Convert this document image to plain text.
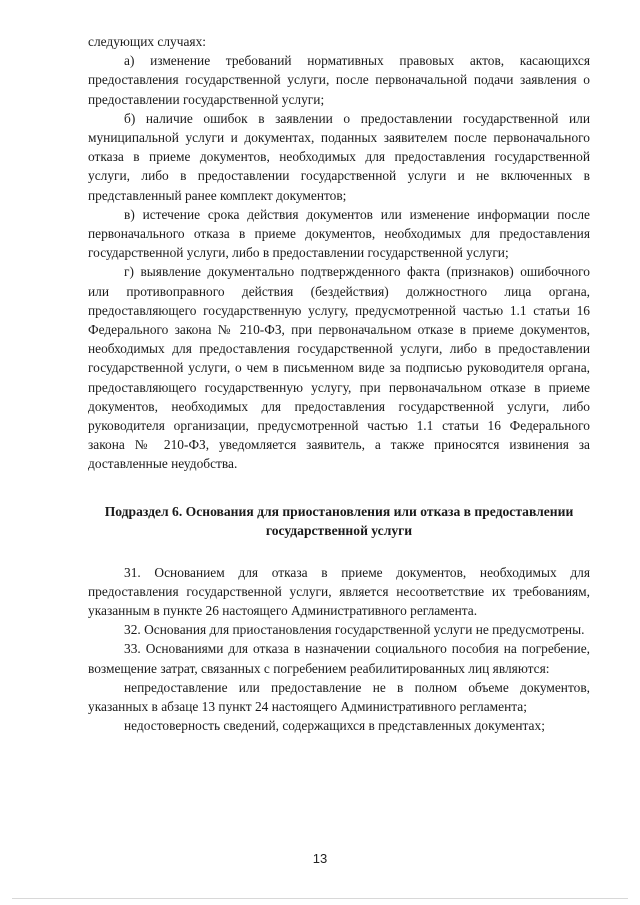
следующих случаях:

а) изменение требований нормативных правовых актов, касающихся предоставления государственной услуги, после первоначальной подачи заявления о предоставлении государственной услуги;

б) наличие ошибок в заявлении о предоставлении государственной или муниципальной услуги и документах, поданных заявителем после первоначального отказа в приеме документов, необходимых для предоставления государственной услуги, либо в предоставлении государственной услуги и не включенных в представленный ранее комплект документов;

в) истечение срока действия документов или изменение информации после первоначального отказа в приеме документов, необходимых для предоставления государственной услуги, либо в предоставлении государственной услуги;

г) выявление документально подтвержденного факта (признаков) ошибочного или противоправного действия (бездействия) должностного лица органа, предоставляющего государственную услугу, предусмотренной частью 1.1 статьи 16 Федерального закона № 210-ФЗ, при первоначальном отказе в приеме документов, необходимых для предоставления государственной услуги, либо в предоставлении государственной услуги, о чем в письменном виде за подписью руководителя органа, предоставляющего государственную услугу, при первоначальном отказе в приеме документов, необходимых для предоставления государственной услуги, либо руководителя организации, предусмотренной частью 1.1 статьи 16 Федерального закона № 210-ФЗ, уведомляется заявитель, а также приносятся извинения за доставленные неудобства.

Подраздел 6. Основания для приостановления или отказа в предоставлении государственной услуги

31. Основанием для отказа в приеме документов, необходимых для предоставления государственной услуги, является несоответствие их требованиям, указанным в пункте 26 настоящего Административного регламента.

32. Основания для приостановления государственной услуги не предусмотрены.

33. Основаниями для отказа в назначении социального пособия на погребение, возмещение затрат, связанных с погребением реабилитированных лиц являются:

непредоставление или предоставление не в полном объеме документов, указанных в абзаце 13 пункт 24 настоящего Административного регламента;

недостоверность сведений, содержащихся в представленных документах;

13
